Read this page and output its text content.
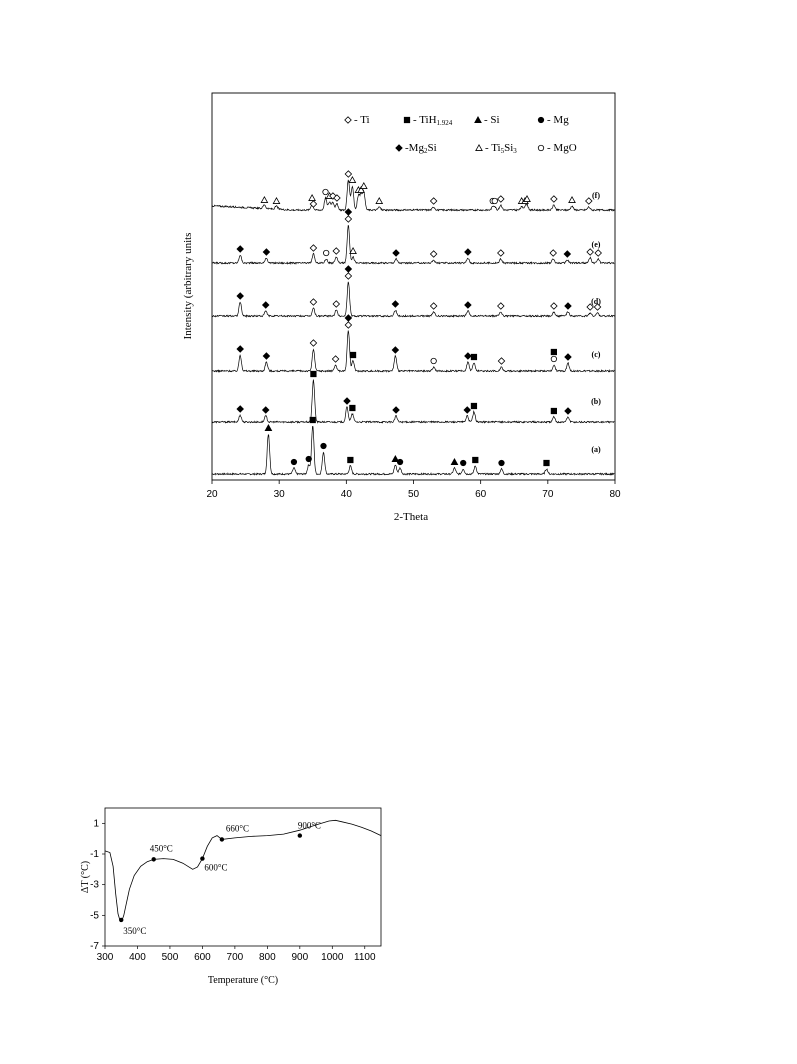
20	30	40	50	60	70	80
(a)
(b)
(c)
(d)
(e)
(f)
- Ti	- TiH1.924	- Si	- Mg
-Mg2Si	- Ti5Si3	- MgO
2-Theta
Intensity (arbitrary units
300 400 500 600 700 800 900 1000 1100
1
-1
-3
-5
-7
350°C
450°C
600°C
660°C	900°C
Temperature (°C)
ΔT (°C)
